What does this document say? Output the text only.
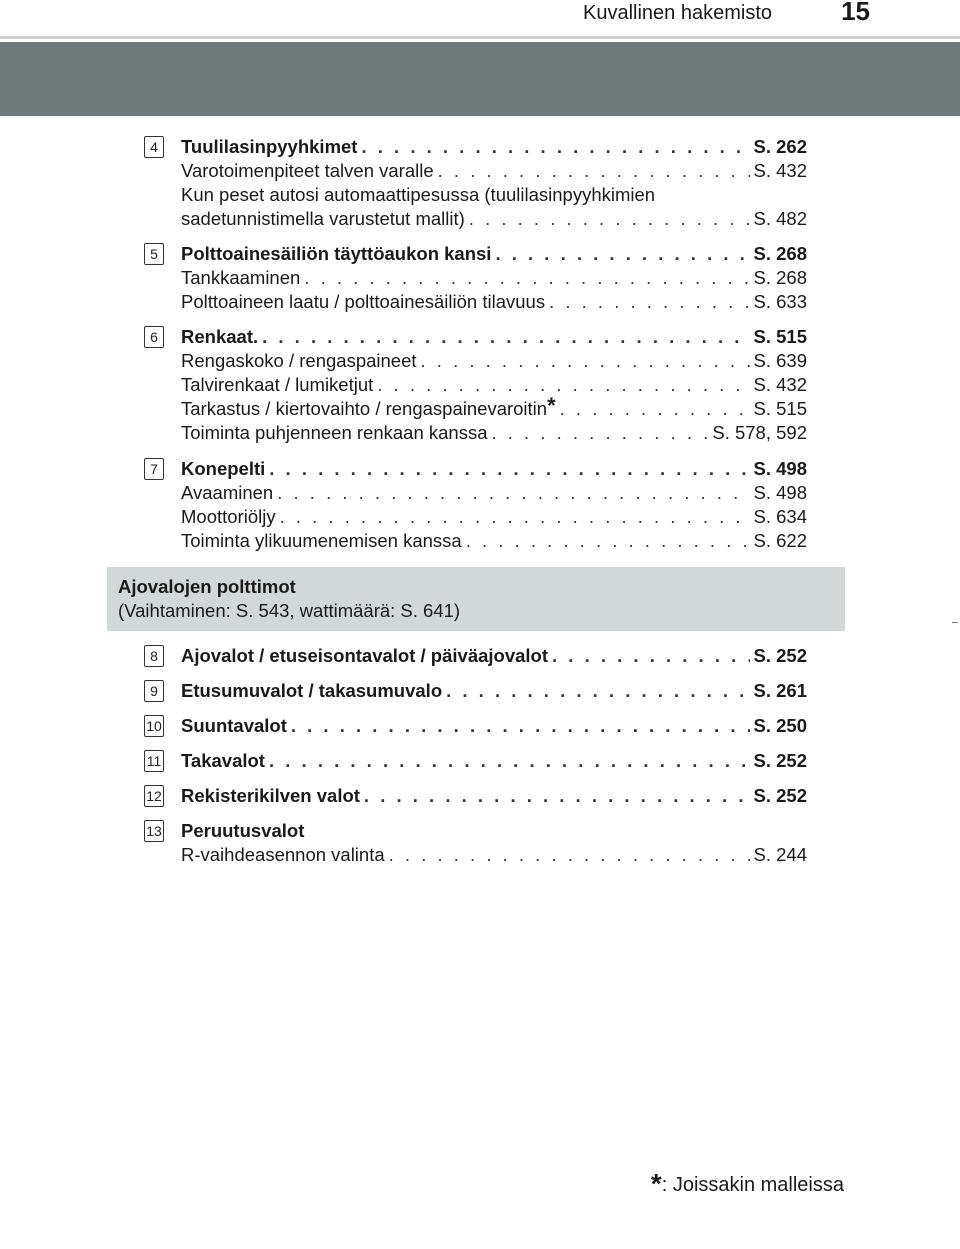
Kuvallinen hakemisto	15
4	Tuulilasinpyyhkimet . . .	S. 262
Varotoimenpiteet talven varalle . . .	S. 432
Kun peset autosi automaattipesussa (tuulilasinpyyhkimien
sadetunnistimella varustetut mallit) . . .	S. 482
5	Polttoainesäiliön täyttöaukon kansi . . .	S. 268
Tankkaaminen . . .	S. 268
Polttoaineen laatu / polttoainesäiliön tilavuus . . .	S. 633
6	Renkaat. . . .	S. 515
Rengaskoko / rengaspaineet . . .	S. 639
Talvirenkaat / lumiketjut . . .	S. 432
Tarkastus / kiertovaihto / rengaspainevaroitin* . . .	S. 515
Toiminta puhjenneen renkaan kanssa . . .	S. 578, 592
7	Konepelti . . .	S. 498
Avaaminen . . .	S. 498
Moottoriöljy . . .	S. 634
Toiminta ylikuumenemisen kanssa . . .	S. 622
Ajovalojen polttimot
(Vaihtaminen: S. 543, wattimäärä: S. 641)
8	Ajovalot / etuseisontavalot / päiväajovalot . . .	S. 252
9	Etusumuvalot / takasumuvalo . . .	S. 261
10 Suuntavalot . . .	S. 250
11 Takavalot . . .	S. 252
12 Rekisterikilven valot . . .	S. 252
13 Peruutusvalot
R-vaihdeasennon valinta . . .	S. 244
*: Joissakin malleissa
